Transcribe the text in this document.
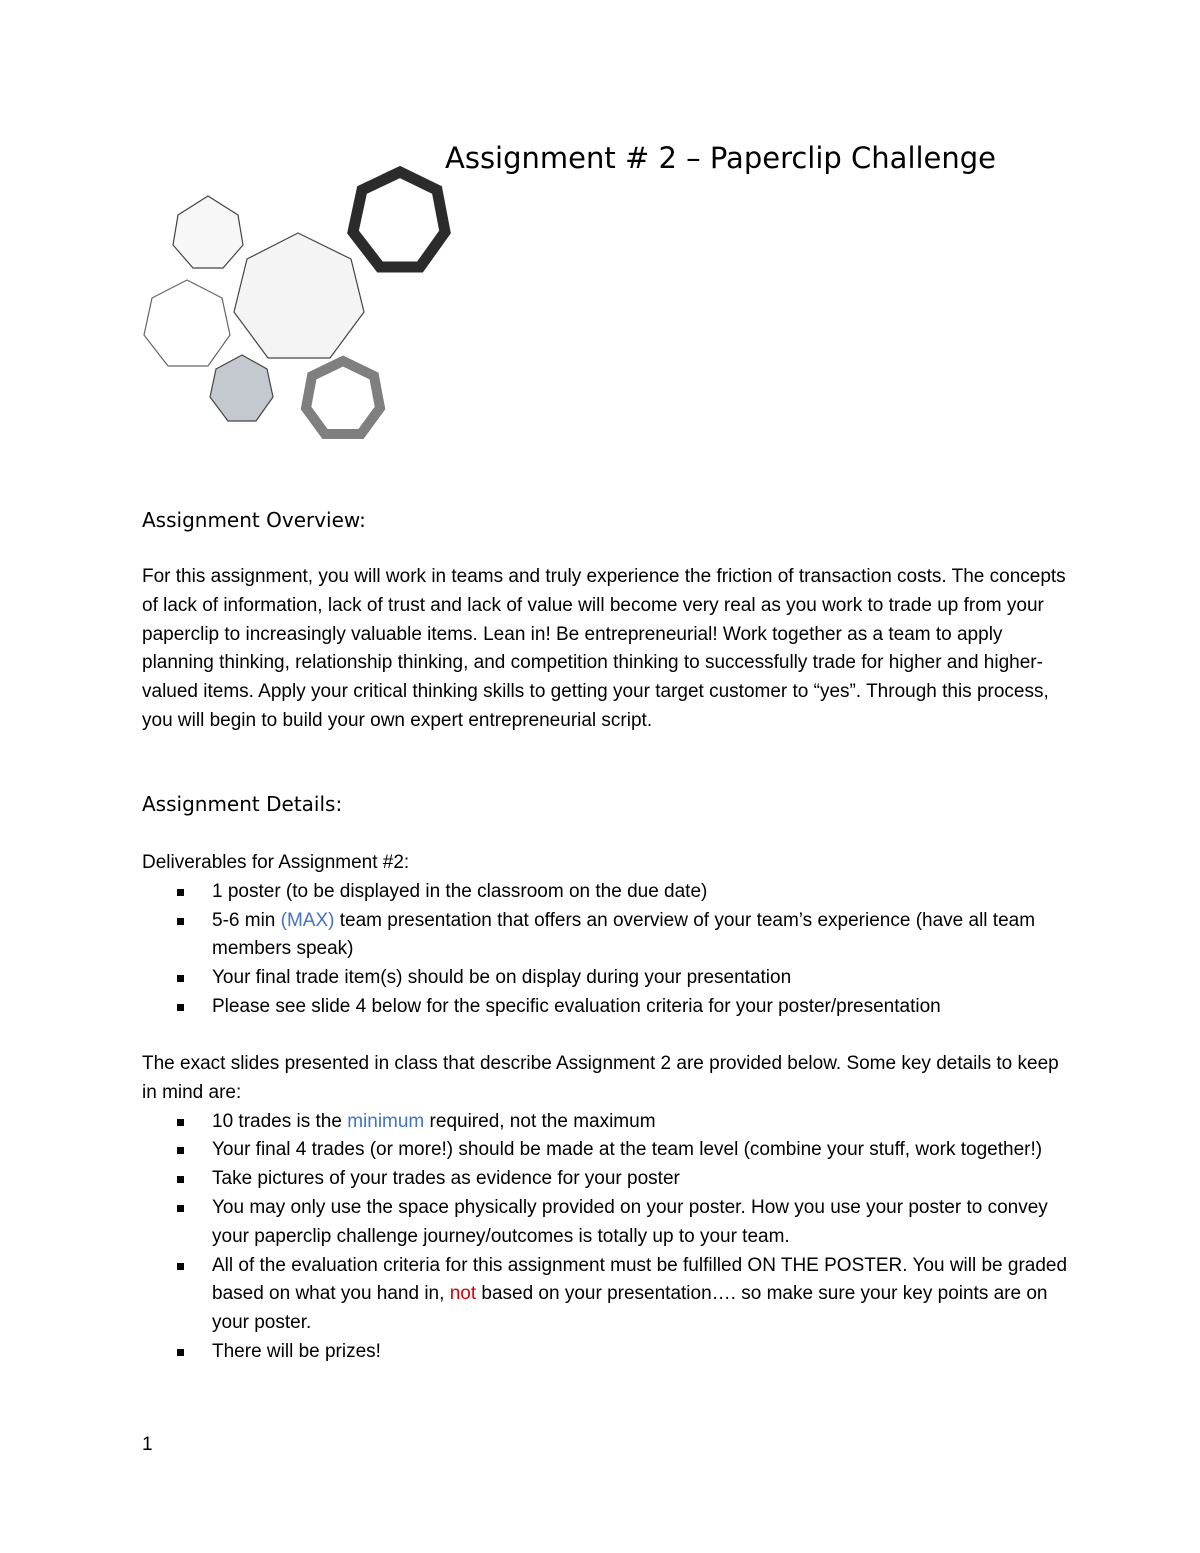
Assignment # 2 – Paperclip Challenge
Assignment Overview:

For this assignment, you will work in teams and truly experience the friction of transaction costs. The concepts of lack of information, lack of trust and lack of value will become very real as you work to trade up from your paperclip to increasingly valuable items. Lean in! Be entrepreneurial! Work together as a team to apply planning thinking, relationship thinking, and competition thinking to successfully trade for higher and higher-valued items. Apply your critical thinking skills to getting your target customer to “yes”. Through this process, you will begin to build your own expert entrepreneurial script.

Assignment Details:

Deliverables for Assignment #2:

1 poster (to be displayed in the classroom on the due date)
5-6 min (MAX) team presentation that offers an overview of your team’s experience (have all team members speak)
Your final trade item(s) should be on display during your presentation
Please see slide 4 below for the specific evaluation criteria for your poster/presentation

The exact slides presented in class that describe Assignment 2 are provided below. Some key details to keep in mind are:

10 trades is the minimum required, not the maximum
Your final 4 trades (or more!) should be made at the team level (combine your stuff, work together!)
Take pictures of your trades as evidence for your poster
You may only use the space physically provided on your poster. How you use your poster to convey your paperclip challenge journey/outcomes is totally up to your team.
All of the evaluation criteria for this assignment must be fulfilled ON THE POSTER. You will be graded based on what you hand in, not based on your presentation…. so make sure your key points are on your poster.
There will be prizes!
1
